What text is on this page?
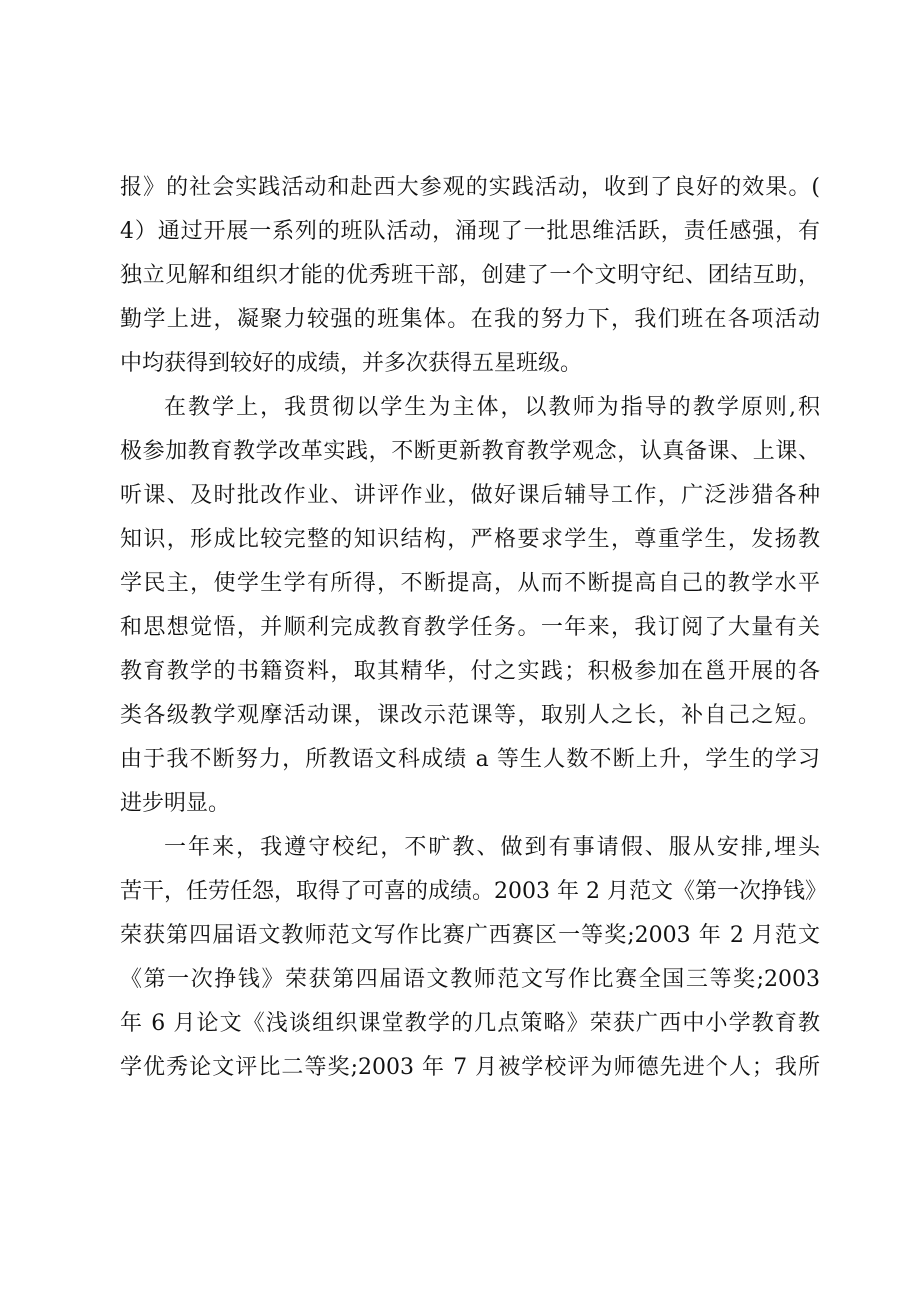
报》的社会实践活动和赴西大参观的实践活动，收到了良好的效果。(
4）通过开展一系列的班队活动，涌现了一批思维活跃，责任感强，有
独立见解和组织才能的优秀班干部，创建了一个文明守纪、团结互助，
勤学上进，凝聚力较强的班集体。在我的努力下，我们班在各项活动
中均获得到较好的成绩，并多次获得五星班级。
在教学上，我贯彻以学生为主体，以教师为指导的教学原则,积
极参加教育教学改革实践，不断更新教育教学观念，认真备课、上课、
听课、及时批改作业、讲评作业，做好课后辅导工作，广泛涉猎各种
知识，形成比较完整的知识结构，严格要求学生，尊重学生，发扬教
学民主，使学生学有所得，不断提高，从而不断提高自己的教学水平
和思想觉悟，并顺利完成教育教学任务。一年来，我订阅了大量有关
教育教学的书籍资料，取其精华，付之实践；积极参加在邕开展的各
类各级教学观摩活动课，课改示范课等，取别人之长，补自己之短。
由于我不断努力，所教语文科成绩 a 等生人数不断上升，学生的学习
进步明显。
一年来，我遵守校纪，不旷教、做到有事请假、服从安排,埋头
苦干，任劳任怨，取得了可喜的成绩。2003 年 2 月范文《第一次挣钱》
荣获第四届语文教师范文写作比赛广西赛区一等奖;2003 年 2 月范文
《第一次挣钱》荣获第四届语文教师范文写作比赛全国三等奖;2003
年 6 月论文《浅谈组织课堂教学的几点策略》荣获广西中小学教育教
学优秀论文评比二等奖;2003 年 7 月被学校评为师德先进个人；我所
